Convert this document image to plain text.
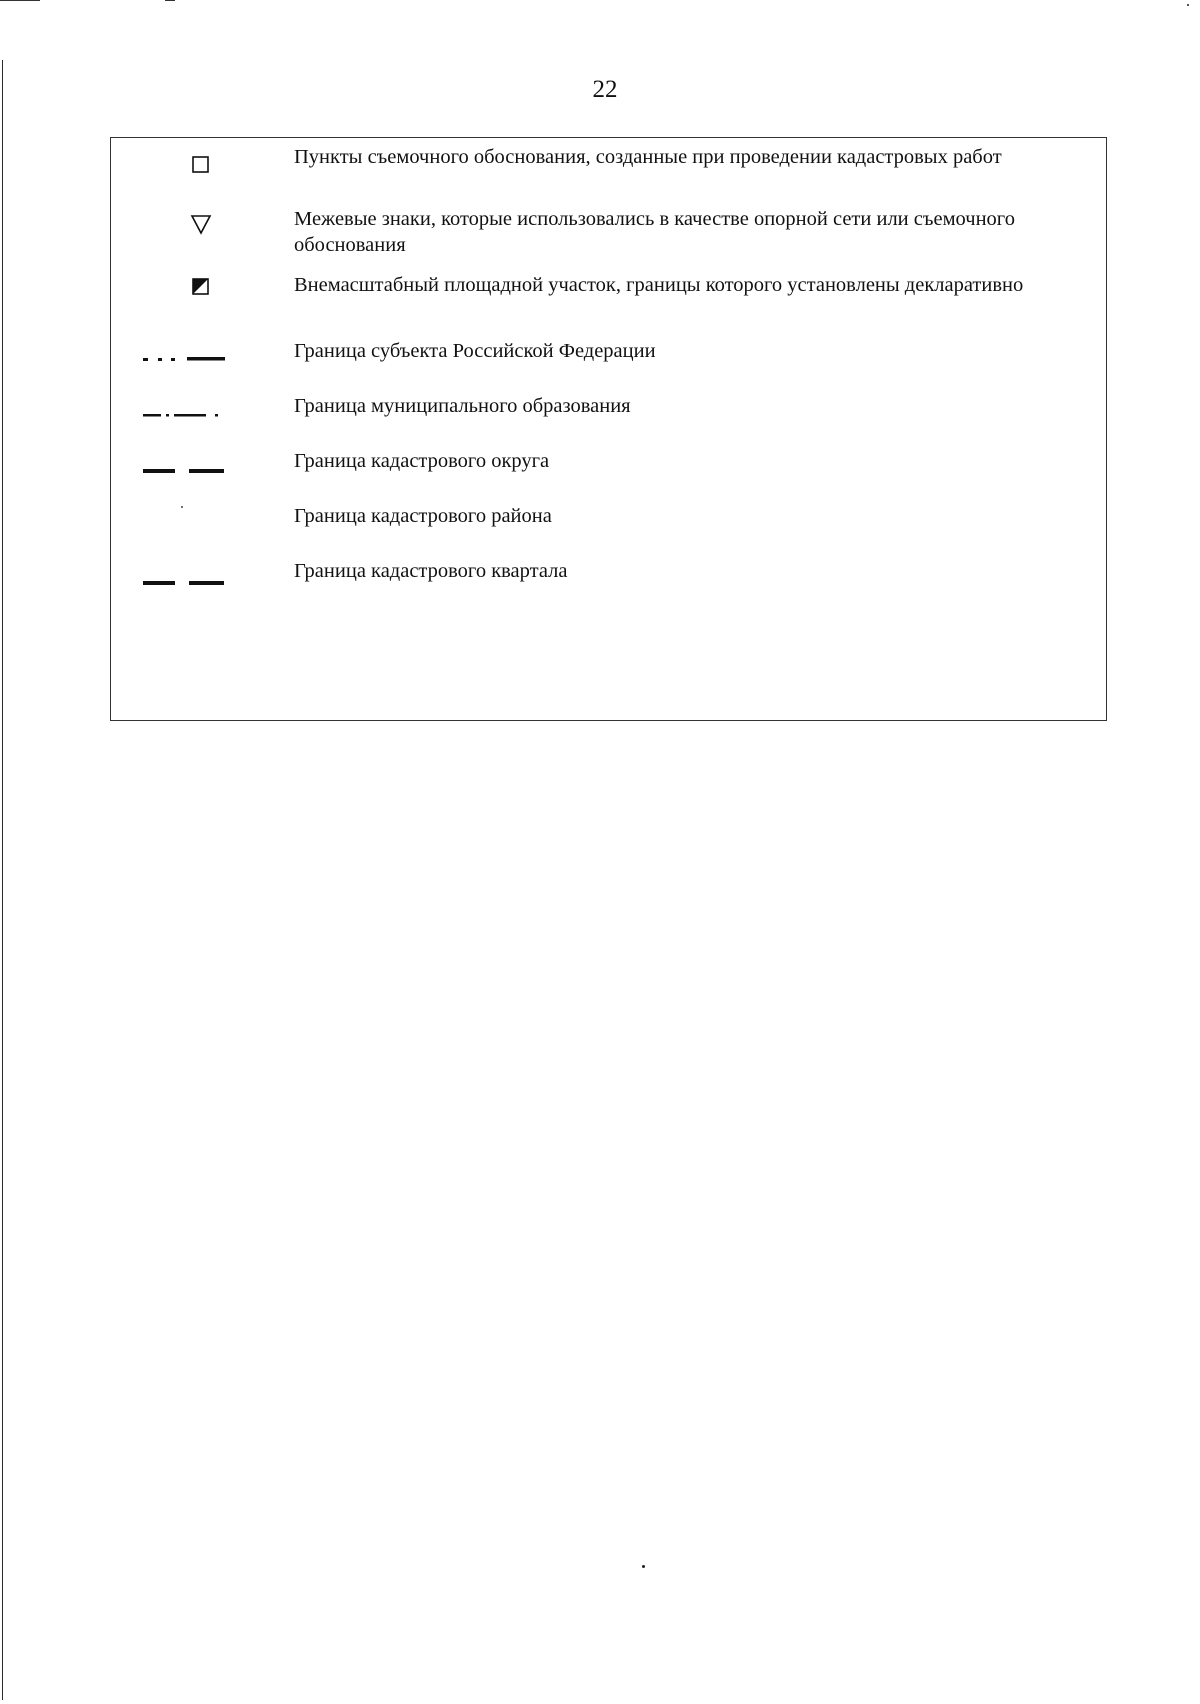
22
Пункты съемочного обоснования, созданные при проведении кадастровых работ
Межевые знаки, которые использовались в качестве опорной сети или съемочного обоснования
Внемасштабный площадной участок, границы которого установлены декларативно
Граница субъекта Российской Федерации
Граница муниципального образования
Граница кадастрового округа
Граница кадастрового района
Граница кадастрового квартала
